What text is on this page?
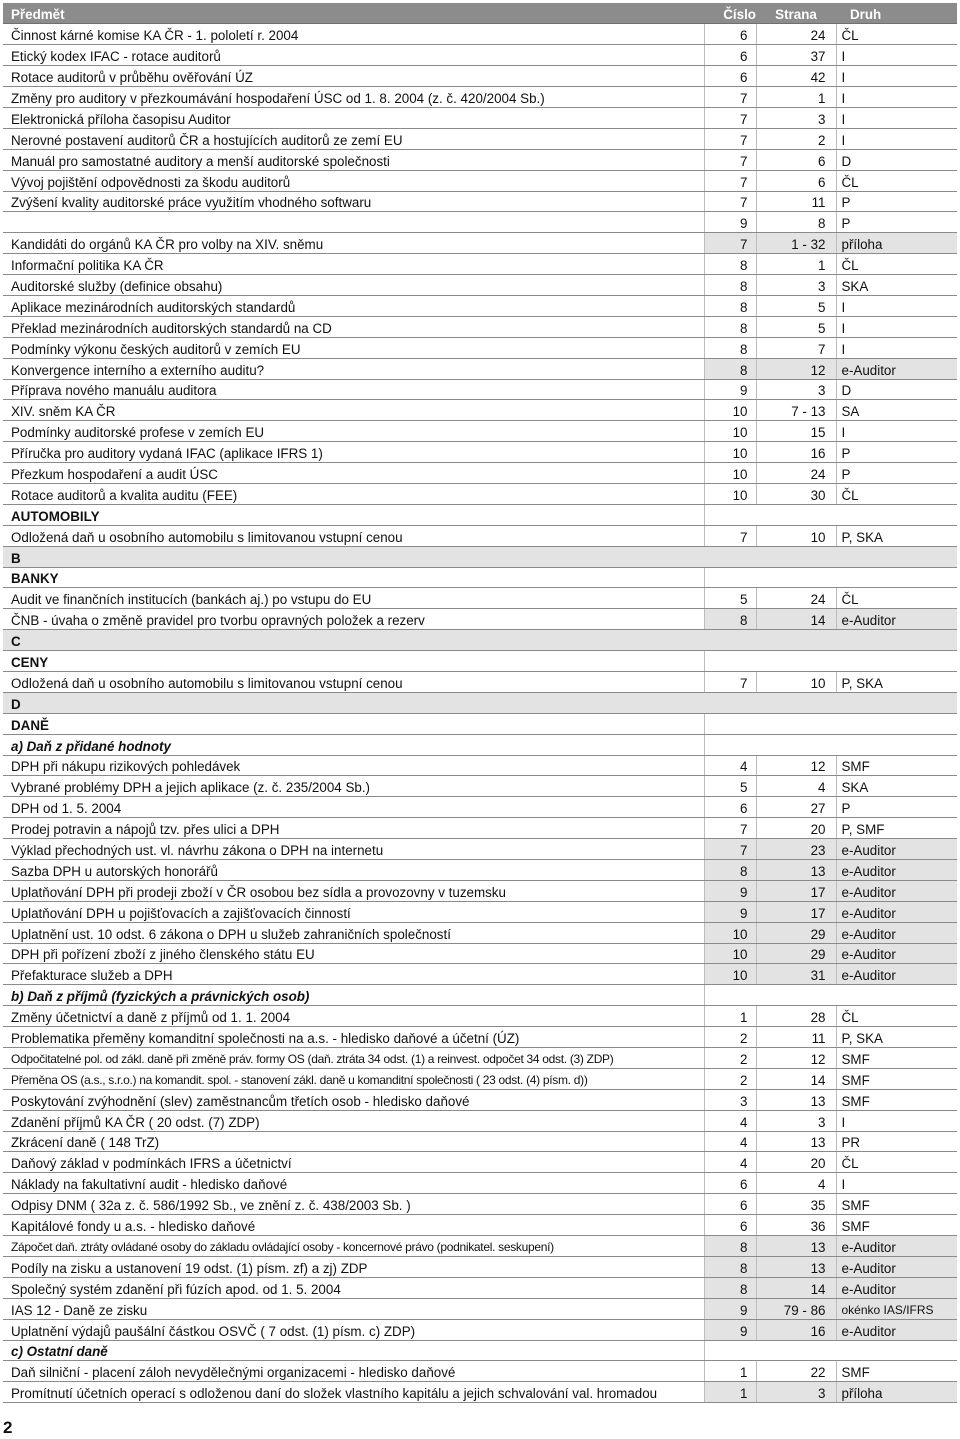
Předmět	Číslo	Strana	Druh
Činnost kárné komise KA ČR - 1. pololetí r. 2004	6	24	ČL
Etický kodex IFAC - rotace auditorů	6	37	I
Rotace auditorů v průběhu ověřování ÚZ	6	42	I
Změny pro auditory v přezkoumávání hospodaření ÚSC od 1. 8. 2004 (z. č. 420/2004 Sb.)	7	1	I
Elektronická příloha časopisu Auditor	7	3	I
Nerovné postavení auditorů ČR a hostujících auditorů ze zemí EU	7	2	I
Manuál pro samostatné auditory a menší auditorské společnosti	7	6	D
Vývoj pojištění odpovědnosti za škodu auditorů	7	6	ČL
Zvýšení kvality auditorské práce využitím vhodného softwaru	7	11	P
	9	8	P
Kandidáti do orgánů KA ČR pro volby na XIV. sněmu	7	1 - 32	příloha
Informační politika KA ČR	8	1	ČL
Auditorské služby (definice obsahu)	8	3	SKA
Aplikace mezinárodních auditorských standardů	8	5	I
Překlad mezinárodních auditorských standardů na CD	8	5	I
Podmínky výkonu českých auditorů v zemích EU	8	7	I
Konvergence interního a externího auditu?	8	12	e-Auditor
Příprava nového manuálu auditora	9	3	D
XIV. sněm KA ČR	10	7 - 13	SA
Podmínky auditorské profese v zemích EU	10	15	I
Příručka pro auditory vydaná IFAC (aplikace IFRS 1)	10	16	P
Přezkum hospodaření a audit ÚSC	10	24	P
Rotace auditorů a kvalita auditu (FEE)	10	30	ČL
AUTOMOBILY			
Odložená daň u osobního automobilu s limitovanou vstupní cenou	7	10	P, SKA
B			
BANKY			
Audit ve finančních institucích (bankách aj.) po vstupu do EU	5	24	ČL
ČNB - úvaha o změně pravidel pro tvorbu opravných položek a rezerv	8	14	e-Auditor
C			
CENY			
Odložená daň u osobního automobilu s limitovanou vstupní cenou	7	10	P, SKA
D			
DANĚ			
a) Daň z přidané hodnoty			
DPH při nákupu rizikových pohledávek	4	12	SMF
Vybrané problémy DPH a jejich aplikace (z. č. 235/2004 Sb.)	5	4	SKA
DPH od 1. 5. 2004	6	27	P
Prodej potravin a nápojů tzv. přes ulici a DPH	7	20	P, SMF
Výklad přechodných ust. vl. návrhu zákona o DPH na internetu	7	23	e-Auditor
Sazba DPH u autorských honorářů	8	13	e-Auditor
Uplatňování DPH při prodeji zboží v ČR osobou bez sídla a provozovny v tuzemsku	9	17	e-Auditor
Uplatňování DPH u pojišťovacích a zajišťovacích činností	9	17	e-Auditor
Uplatnění ust. 10 odst. 6 zákona o DPH u služeb zahraničních společností	10	29	e-Auditor
DPH při pořízení zboží z jiného členského státu EU	10	29	e-Auditor
Přefakturace služeb a DPH	10	31	e-Auditor
b) Daň z příjmů (fyzických a právnických osob)			
Změny účetnictví a daně z příjmů od 1. 1. 2004	1	28	ČL
Problematika přeměny komanditní společnosti na a.s. - hledisko daňové a účetní (ÚZ)	2	11	P, SKA
Odpočitatelné pol. od zákl. daně při změně práv. formy OS (daň. ztráta 34 odst. (1) a reinvest. odpočet 34 odst. (3) ZDP)	2	12	SMF
Přeměna OS (a.s., s.r.o.) na komandit. spol. - stanovení zákl. daně u komanditní společnosti ( 23 odst. (4) písm. d))	2	14	SMF
Poskytování zvýhodnění (slev) zaměstnancům třetích osob - hledisko daňové	3	13	SMF
Zdanění příjmů KA ČR ( 20 odst. (7) ZDP)	4	3	I
Zkrácení daně ( 148 TrZ)	4	13	PR
Daňový základ v podmínkách IFRS a účetnictví	4	20	ČL
Náklady na fakultativní audit - hledisko daňové	6	4	I
Odpisy DNM ( 32a z. č. 586/1992 Sb., ve znění z. č. 438/2003 Sb. )	6	35	SMF
Kapitálové fondy u a.s. - hledisko daňové	6	36	SMF
Zápočet daň. ztráty ovládané osoby do základu ovládající osoby - koncernové právo (podnikatel. seskupení)	8	13	e-Auditor
Podíly na zisku a ustanovení 19 odst. (1) písm. zf) a zj) ZDP	8	13	e-Auditor
Společný systém zdanění při fúzích apod. od 1. 5. 2004	8	14	e-Auditor
IAS 12 - Daně ze zisku	9	79 - 86	okénko IAS/IFRS
Uplatnění výdajů paušální částkou OSVČ ( 7 odst. (1) písm. c) ZDP)	9	16	e-Auditor
c) Ostatní daně			
Daň silniční - placení záloh nevydělečnými organizacemi - hledisko daňové	1	22	SMF
Promítnutí účetních operací s odloženou daní do složek vlastního kapitálu a jejich schvalování val. hromadou	1	3	příloha
2
